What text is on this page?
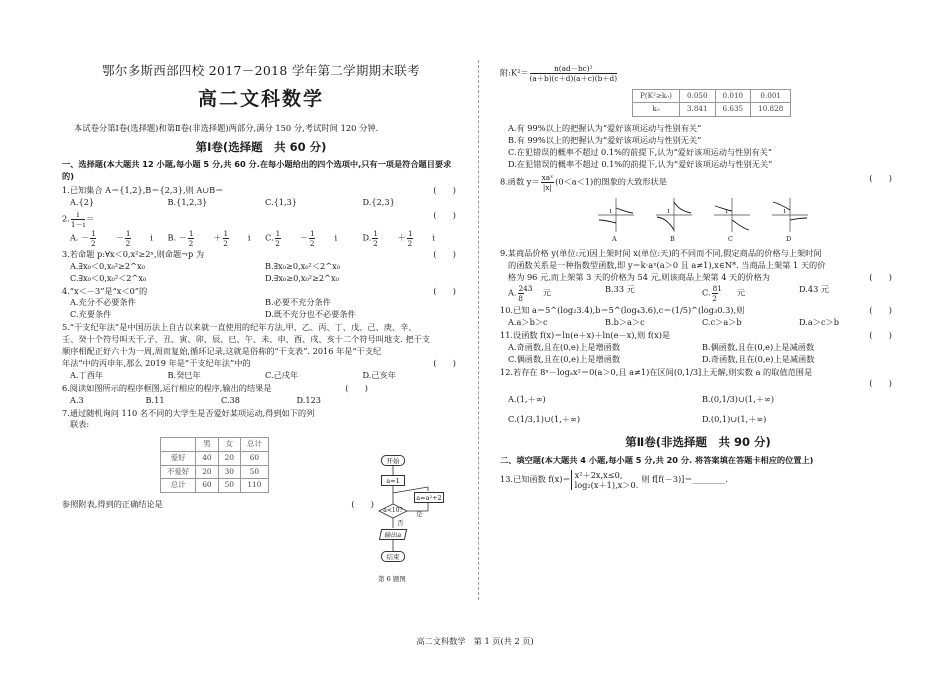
鄂尔多斯西部四校 2017－2018 学年第二学期期末联考
高二文科数学
本试卷分第Ⅰ卷(选择题)和第Ⅱ卷(非选择题)两部分,满分 150 分,考试时间 120 分钟.
第Ⅰ卷(选择题　共 60 分)
一、选择题(本大题共 12 小题,每小题 5 分,共 60 分.在每小题给出的四个选项中,只有一项是符合题目要求的)
1.已知集合 A＝{1,2},B＝{2,3},则 A∪B＝	(　　)
A.{2}	B.{1,2,3}	C.{1,3}	D.{2,3}
2. $\frac{i}{1-i}$ ＝	(　　)
A. － $\frac{1}{2} - \frac{1}{2}$ i	B. － $\frac{1}{2} + \frac{1}{2}$ i	C. $\frac{1}{2} - \frac{1}{2}$ i	D. $\frac{1}{2} + \frac{1}{2}$ i
3.若命题 p:∀x＜0,x²≥2ˣ,则命题¬p 为	(　　)
A.∃x₀＜0,x₀²≥2^x₀	B.∃x₀≥0,x₀²＜2^x₀
C.∃x₀＜0,x₀²＜2^x₀	D.∃x₀≥0,x₀²≥2^x₀
4.“x＜－3”是“x＜0”的	(　　)
A.充分不必要条件	B.必要不充分条件
C.充要条件	D.既不充分也不必要条件
5.“干支纪年法”是中国历法上自古以来就一直使用的纪年方法,甲、乙、丙、丁、戊、己、庚、辛、
壬、癸十个符号叫天干,子、丑、寅、卯、辰、巳、午、未、申、酉、戌、亥十二个符号叫地支. 把干支
顺序相配正好六十为一周,周而复始,循环记录,这就是俗称的“干支表”. 2016 年是“干支纪
年法”中的丙申年,那么 2019 年是“干支纪年法”中的	(　　)
A.丁酉年	B.癸巳年	C.己戌年	D.己亥年
6.阅读如图所示的程序框图,运行相应的程序,输出的结果是	(　　)
A.3	B.11	C.38	D.123
7.通过随机询问 110 名不同的大学生是否爱好某项运动,得到如下的列
联表:
	男	女	总计
爱好	40	20	60
不爱好	20	30	50
总计	60	50	110
参照附表,得到的正确结论是	(　　)
开始
a=1
a=a²+2
a<10?	是
否
输出a
结束
第 6 题图
附:K²＝ $\frac{\text{n(ad－bc)²}}{(a+b)(c+d)(a+c)(b+d)}$
P(K²≥k₀)	0.050	0.010	0.001
k₀	3.841	6.635	10.828
A.有 99%以上的把握认为“爱好该项运动与性别有关”
B.有 99%以上的把握认为“爱好该项运动与性别无关”
C.在犯错误的概率不超过 0.1%的前提下,认为“爱好该项运动与性别有关”
D.在犯错误的概率不超过 0.1%的前提下,认为“爱好该项运动与性别无关”
8.函数 $y= \frac{\text{xaˣ}}{|x|} (0<a<1)$的图象的大致形状是	(　　)
1
A
1
B
1
C
1
D
9.某商品价格 y(单位:元)因上架时间 x(单位:天)的不同而不同,假定商品的价格与上架时间
的函数关系是一种指数型函数,即 y＝k·aˣ(a＞0 且 a≠1),x∈N*. 当商品上架第 1 天的价
格为 96 元,而上架第 3 天的价格为 54 元,则该商品上架第 4 天的价格为	(　　)
A. $\frac{243}{8}$ 元	B.33 元	C. $\frac{81}{2}$ 元	D.43 元
10.已知 a＝5^(log₂3.4),b＝5^(log₄3.6),c＝(1/5)^(log₃0.3),则	(　　)
A.a＞b＞c	B.b＞a＞c	C.c＞a＞b	D.a＞c＞b
11.设函数 f(x)＝ln(e＋x)＋ln(e－x),则 f(x)是	(　　)
A.奇函数,且在(0,e)上是增函数	B.偶函数,且在(0,e)上是减函数
C.偶函数,且在(0,e)上是增函数	D.奇函数,且在(0,e)上是减函数
12.若存在 8ˣ－logₐx²＝0(a＞0,且 a≠1)在区间(0,1/3]上无解,则实数 a 的取值范围是
(　　)
A.(1,＋∞)	B.(0,1/3)∪(1,＋∞)
C.(1/3,1)∪(1,＋∞)	D.(0,1)∪(1,＋∞)
第Ⅱ卷(非选择题　共 90 分)
二、填空题(本大题共 4 小题,每小题 5 分,共 20 分. 将答案填在答题卡相应的位置上)
13.已知函数 f(x)＝ x²＋2x,x≤0,
log₂(x＋1),x＞0.
则 f[f(－3)]＝________.
高二文科数学　第 1 页(共 2 页)
